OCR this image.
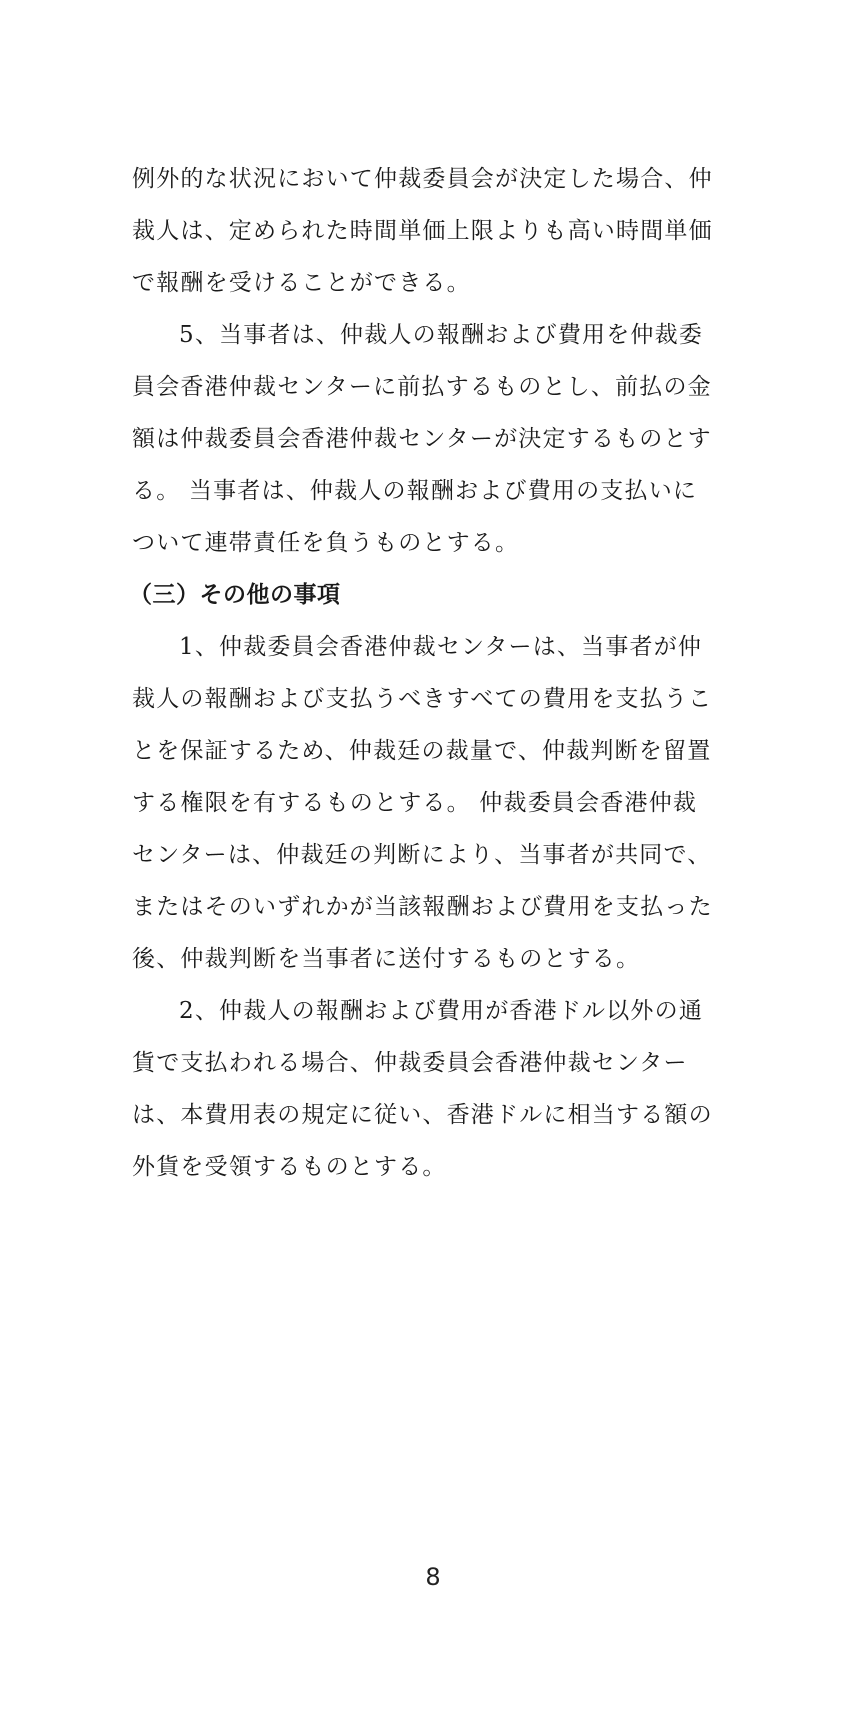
例外的な状況において仲裁委員会が決定した場合、仲
裁人は、定められた時間単価上限よりも高い時間単価
で報酬を受けることができる。
5、当事者は、仲裁人の報酬および費用を仲裁委
員会香港仲裁センターに前払するものとし、前払の金
額は仲裁委員会香港仲裁センターが決定するものとす
る。 当事者は、仲裁人の報酬および費用の支払いに
ついて連帯責任を負うものとする。
（三）その他の事項
1、仲裁委員会香港仲裁センターは、当事者が仲
裁人の報酬および支払うべきすべての費用を支払うこ
とを保証するため、仲裁廷の裁量で、仲裁判断を留置
する権限を有するものとする。 仲裁委員会香港仲裁
センターは、仲裁廷の判断により、当事者が共同で、
またはそのいずれかが当該報酬および費用を支払った
後、仲裁判断を当事者に送付するものとする。
2、仲裁人の報酬および費用が香港ドル以外の通
貨で支払われる場合、仲裁委員会香港仲裁センター
は、本費用表の規定に従い、香港ドルに相当する額の
外貨を受領するものとする。
8
